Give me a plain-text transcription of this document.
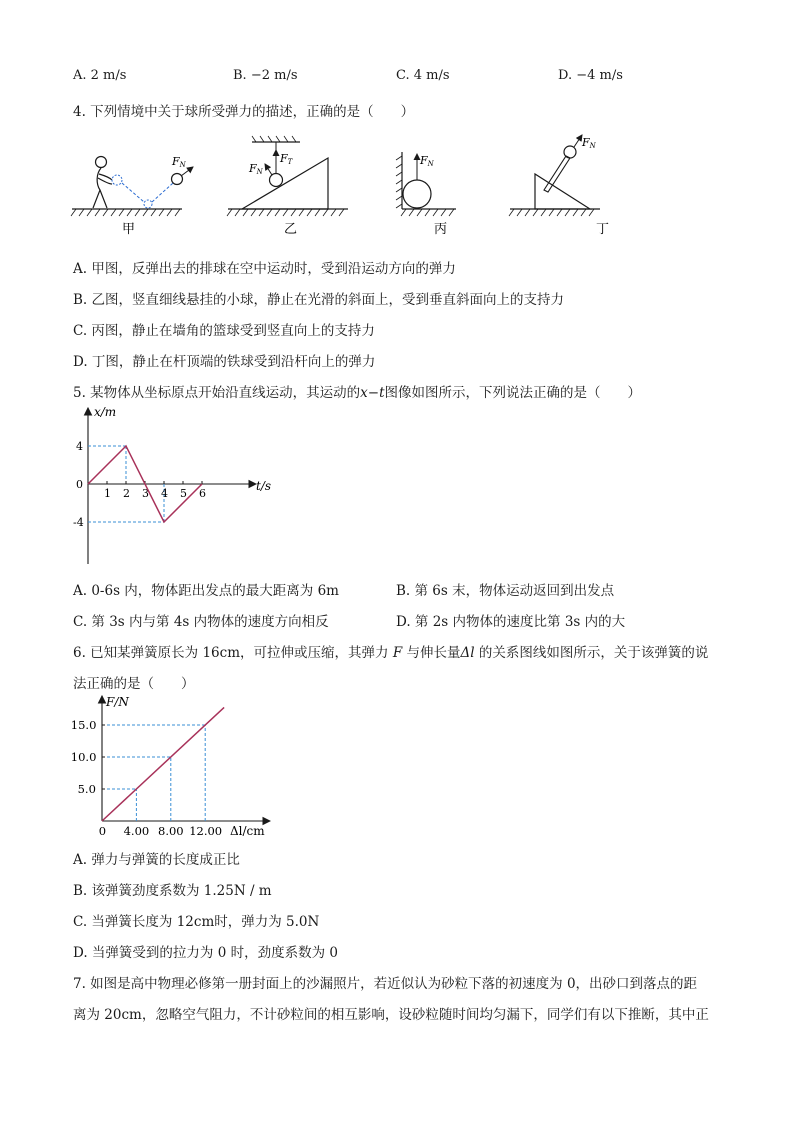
A. 2 m/s	B. −2 m/s	C. 4 m/s	D. −4 m/s
4. 下列情境中关于球所受弹力的描述，正确的是（　　）
FN	FT
FN
FN
FN
甲	乙	丙	丁
A. 甲图，反弹出去的排球在空中运动时，受到沿运动方向的弹力
B. 乙图，竖直细线悬挂的小球，静止在光滑的斜面上，受到垂直斜面向上的支持力
C. 丙图，静止在墙角的篮球受到竖直向上的支持力
D. 丁图，静止在杆顶端的铁球受到沿杆向上的弹力
5. 某物体从坐标原点开始沿直线运动，其运动的x−t图像如图所示，下列说法正确的是（　　）
1 2 3 4 5 6
4
0
-4
x/m
t/s
A. 0-6s 内，物体距出发点的最大距离为 6m	B. 第 6s 末，物体运动返回到出发点
C. 第 3s 内与第 4s 内物体的速度方向相反	D. 第 2s 内物体的速度比第 3s 内的大
6. 已知某弹簧原长为 16cm，可拉伸或压缩，其弹力 F 与伸长量Δl 的关系图线如图所示，关于该弹簧的说
法正确的是（　　）
0 4.00 8.00 12.00
5.0
10.0
15.0
F/N
Δl/cm
A. 弹力与弹簧的长度成正比
B. 该弹簧劲度系数为 1.25N / m
C. 当弹簧长度为 12cm时，弹力为 5.0N
D. 当弹簧受到的拉力为 0 时，劲度系数为 0
7. 如图是高中物理必修第一册封面上的沙漏照片，若近似认为砂粒下落的初速度为 0，出砂口到落点的距
离为 20cm，忽略空气阻力，不计砂粒间的相互影响，设砂粒随时间均匀漏下，同学们有以下推断，其中正
